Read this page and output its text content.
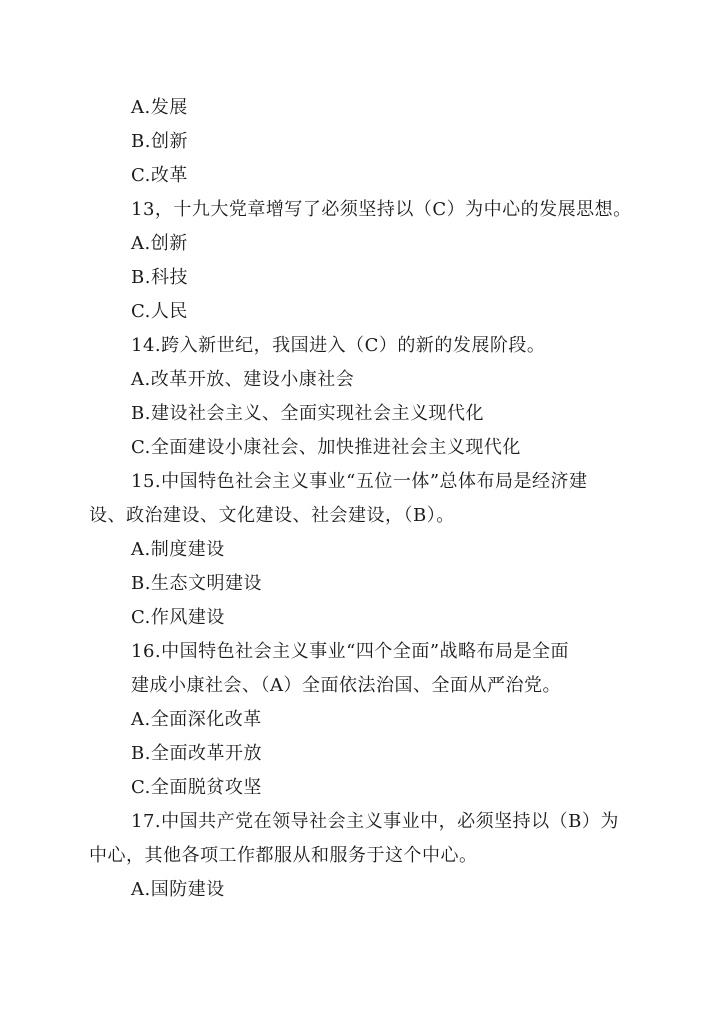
A.发展
B.创新
C.改革
13，十九大党章增写了必须坚持以（C）为中心的发展思想。
A.创新
B.科技
C.人民
14.跨入新世纪，我国进入（C）的新的发展阶段。
A.改革开放、建设小康社会
B.建设社会主义、全面实现社会主义现代化
C.全面建设小康社会、加快推进社会主义现代化
15.中国特色社会主义事业“五位一体”总体布局是经济建
设、政治建设、文化建设、社会建设，（B）。
A.制度建设
B.生态文明建设
C.作风建设
16.中国特色社会主义事业“四个全面”战略布局是全面
建成小康社会、（A）全面依法治国、全面从严治党。
A.全面深化改革
B.全面改革开放
C.全面脱贫攻坚
17.中国共产党在领导社会主义事业中，必须坚持以（B）为
中心，其他各项工作都服从和服务于这个中心。
A.国防建设
